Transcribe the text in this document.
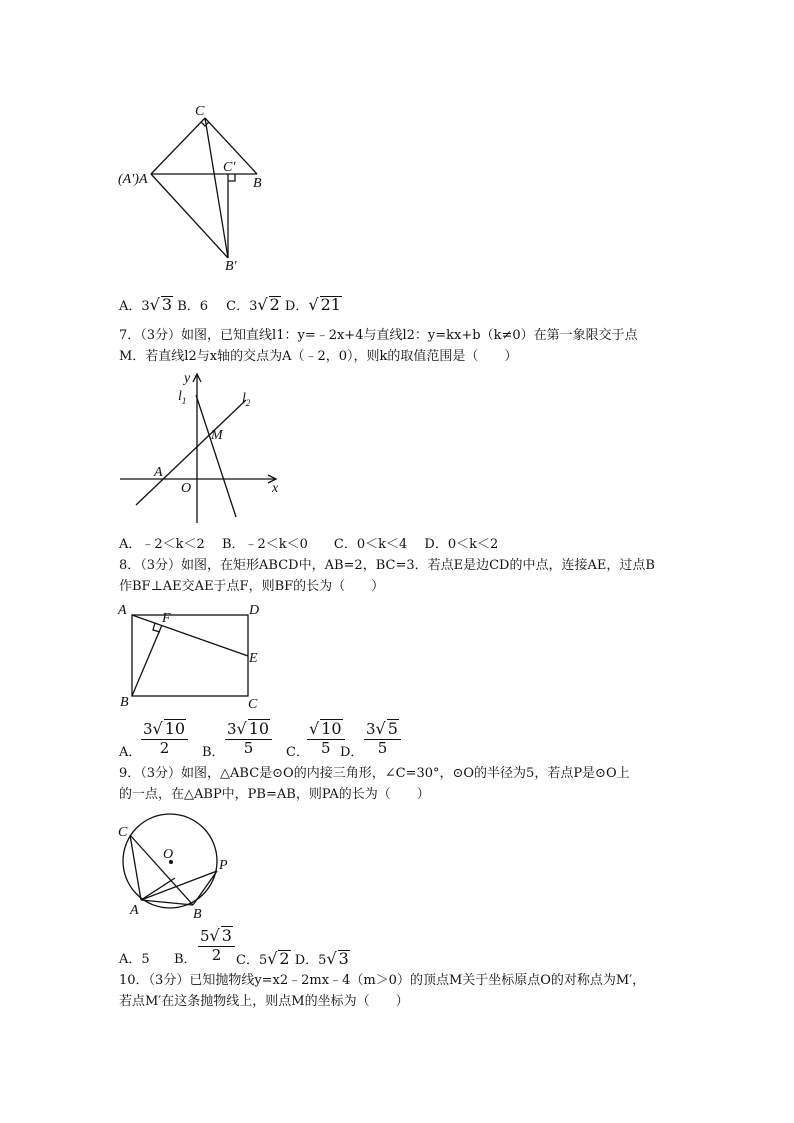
C
C′
(A′)A	B
B′
A．3√ 3 B．6 C．3√ 2 D．√ 21
7．（3分）如图，已知直线l1：y=﹣2x+4与直线l2：y=kx+b（k≠0）在第一象限交于点
M．若直线l2与x轴的交点为A（﹣2，0），则k的取值范围是（　　）
y
$l_1$	$l_2$
M
A
O	x
A．﹣2＜k＜2　 B．﹣2＜k＜0　　C．0＜k＜4　 D．0＜k＜2
8．（3分）如图，在矩形ABCD中，AB=2，BC=3．若点E是边CD的中点，连接AE，过点B
作BF⊥AE交AE于点F，则BF的长为（　　）
A	D
F
E
B	C
A． $\frac{3√ 10}{2}$ B． $\frac{3√ 10}{5}$ C．
$\frac{√ 10}{5}$
D． $\frac{3√ 5}{5}$
9．（3分）如图，△ABC是⊙O的内接三角形，∠C=30°，⊙O的半径为5，若点P是⊙O上
的一点，在△ABP中，PB=AB，则PA的长为（　　）
C
O
P
A	B
A．5 B． $\frac{5√ 3}{2}$ C．5√ 2 D．5√ 3
10．（3分）已知抛物线y=x2﹣2mx﹣4（m＞0）的顶点M关于坐标原点O的对称点为M′，
若点M′在这条抛物线上，则点M的坐标为（　　）
